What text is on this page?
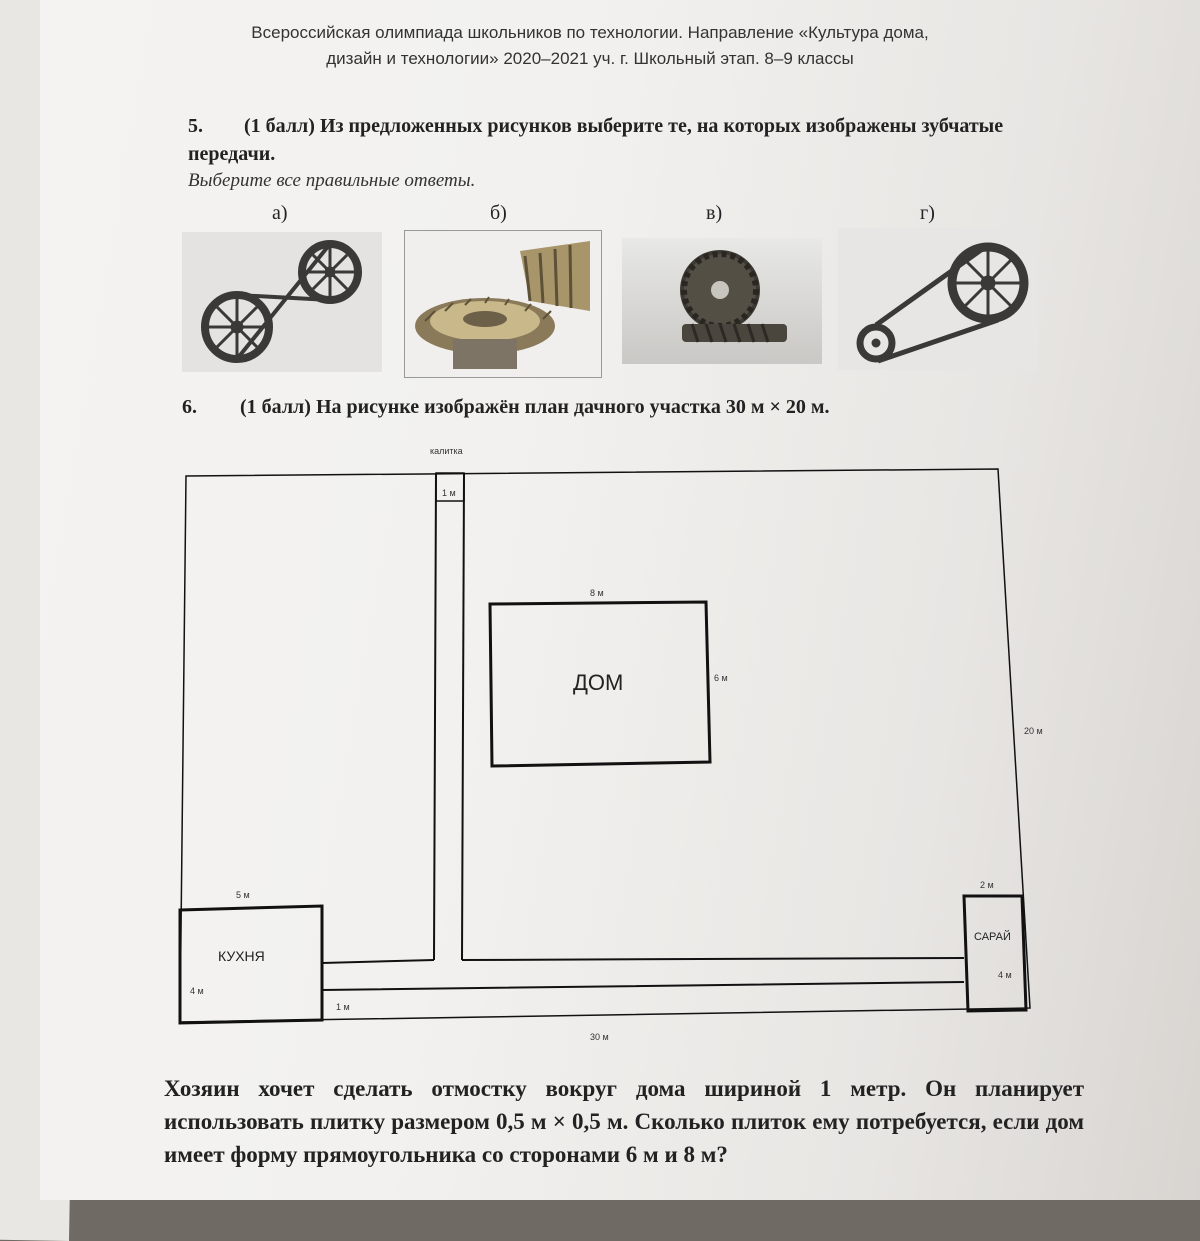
Всероссийская олимпиада школьников по технологии. Направление «Культура дома,
дизайн и технологии» 2020–2021 уч. г. Школьный этап. 8–9 классы
5. (1 балл) Из предложенных рисунков выберите те, на которых изображены зубчатые передачи.
Выберите все правильные ответы.
а)	б)	в)	г)
6. (1 балл) На рисунке изображён план дачного участка 30 м × 20 м.
калитка
1 м
8 м
6 м
ДОМ
20 м
5 м
КУХНЯ
4 м
1 м
2 м
САРАЙ
4 м
30 м
Хозяин хочет сделать отмостку вокруг дома шириной 1 метр. Он планирует использовать плитку размером 0,5 м × 0,5 м. Сколько плиток ему потребуется, если дом имеет форму прямоугольника со сторонами 6 м и 8 м?
